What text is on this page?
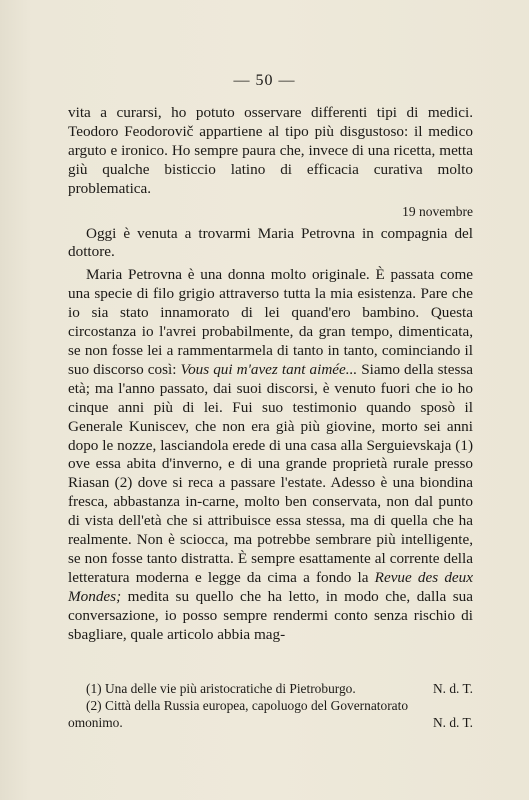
— 50 —

vita a curarsi, ho potuto osservare differenti tipi di medici. Teodoro Feodorovič appartiene al tipo più disgustoso: il medico arguto e ironico. Ho sempre paura che, invece di una ricetta, metta giù qualche bisticcio latino di efficacia curativa molto problematica.

19 novembre

Oggi è venuta a trovarmi Maria Petrovna in compagnia del dottore.

Maria Petrovna è una donna molto originale. È passata come una specie di filo grigio attraverso tutta la mia esistenza. Pare che io sia stato innamorato di lei quand'ero bambino. Questa circostanza io l'avrei probabilmente, da gran tempo, dimenticata, se non fosse lei a rammentarmela di tanto in tanto, cominciando il suo discorso così: Vous qui m'avez tant aimée... Siamo della stessa età; ma l'anno passato, dai suoi discorsi, è venuto fuori che io ho cinque anni più di lei. Fui suo testimonio quando sposò il Generale Kuniscev, che non era già più giovine, morto sei anni dopo le nozze, lasciandola erede di una casa alla Serguievskaja (1) ove essa abita d'inverno, e di una grande proprietà rurale presso Riasan (2) dove si reca a passare l'estate. Adesso è una biondina fresca, abbastanza in-carne, molto ben conservata, non dal punto di vista dell'età che si attribuisce essa stessa, ma di quella che ha realmente. Non è sciocca, ma potrebbe sembrare più intelligente, se non fosse tanto distratta. È sempre esattamente al corrente della letteratura moderna e legge da cima a fondo la Revue des deux Mondes; medita su quello che ha letto, in modo che, dalla sua conversazione, io posso sempre rendermi conto senza rischio di sbagliare, quale articolo abbia mag-

(1) Una delle vie più aristocratiche di Pietroburgo.	N. d. T.
(2) Città della Russia europea, capoluogo del Governatorato
omonimo.	N. d. T.
